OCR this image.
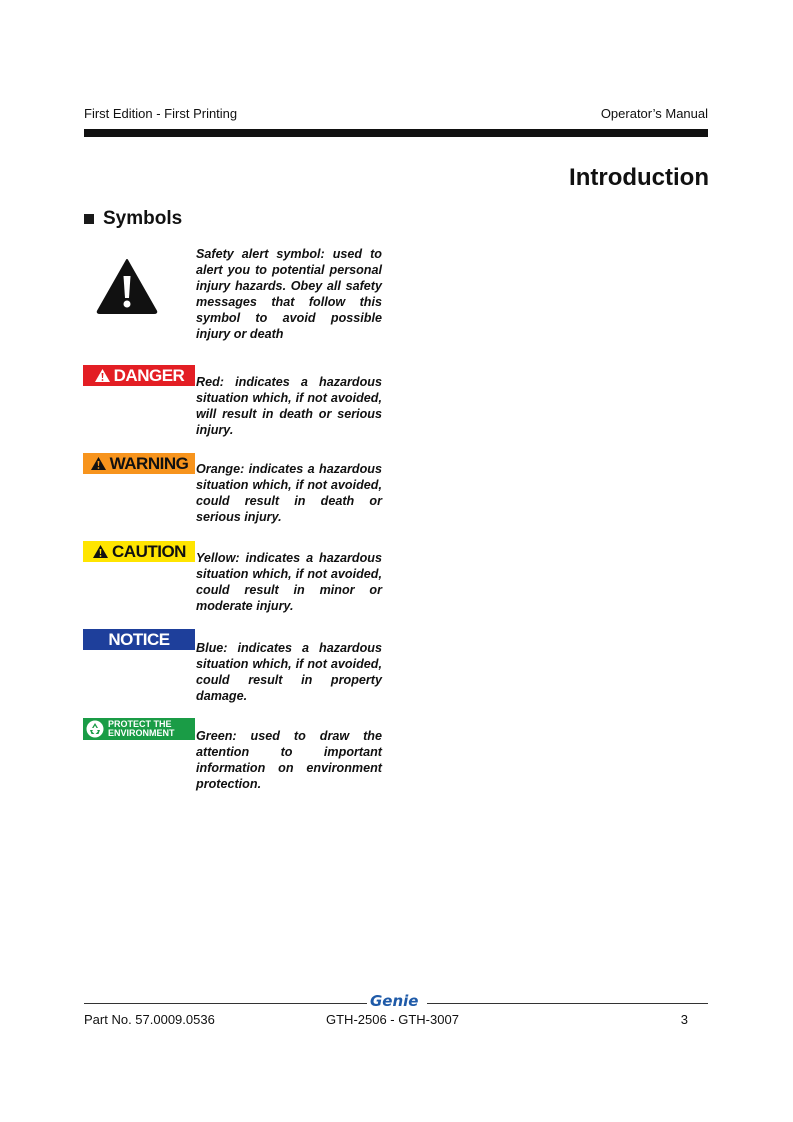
First Edition - First Printing	Operator’s Manual
Introduction
Symbols
Safety alert symbol: used to alert you to potential personal injury hazards. Obey all safety messages that follow this symbol to avoid possible injury or death
DANGER Red: indicates a hazardous situation which, if not avoided, will result in death or serious injury.
WARNING Orange: indicates a hazardous situation which, if not avoided, could result in death or serious injury.
CAUTION Yellow: indicates a hazardous situation which, if not avoided, could result in minor or moderate injury.
NOTICE Blue: indicates a hazardous situation which, if not avoided, could result in property damage.
PROTECT THE
ENVIRONMENT Green: used to draw the attention to important information on environment protection.
Genie
Part No. 57.0009.0536	GTH-2506 - GTH-3007	3
